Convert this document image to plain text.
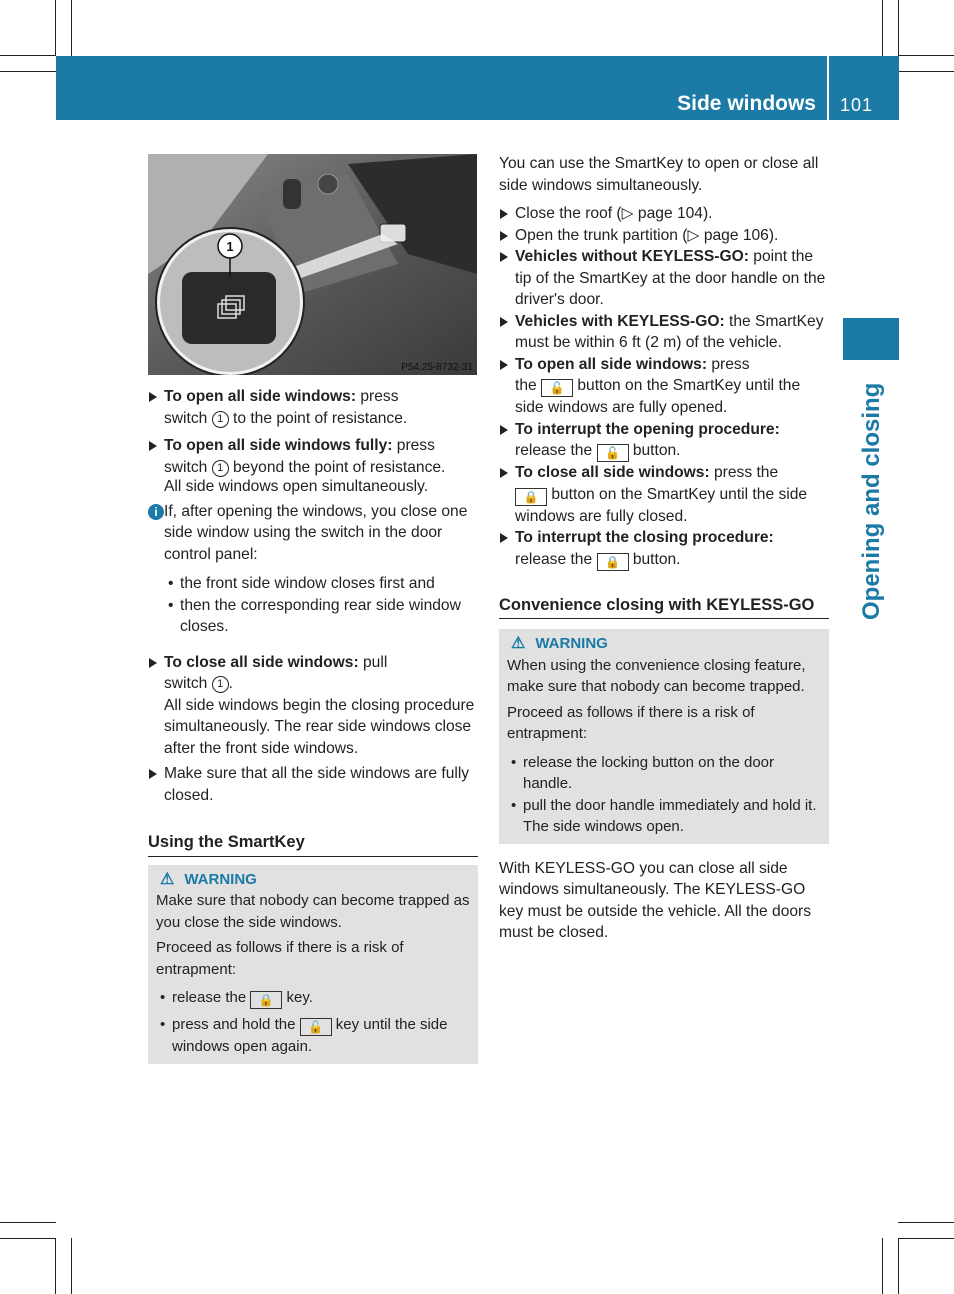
Side windows 101
Opening and closing
1
P54.25-8732-31

To open all side windows: press
switch 1 to the point of resistance.

To open all side windows fully: press
switch 1 beyond the point of resistance.

All side windows open simultaneously.

i If, after opening the windows, you close one side window using the switch in the door control panel:

• the front side window closes first and

• then the corresponding rear side window closes.

To close all side windows: pull
switch 1 .

All side windows begin the closing procedure simultaneously. The rear side windows close after the front side windows.

Make sure that all the side windows are fully closed.

Using the SmartKey

⚠ WARNING

Make sure that nobody can become trapped as you close the side windows.

Proceed as follows if there is a risk of entrapment:

• release the 🔒 key.

• press and hold the 🔓 key until the side windows open again.

You can use the SmartKey to open or close all side windows simultaneously.

Close the roof (▷ page 104).

Open the trunk partition (▷ page 106).

Vehicles without KEYLESS-GO: point the tip of the SmartKey at the door handle on the driver's door.

Vehicles with KEYLESS-GO: the SmartKey must be within 6 ft (2 m) of the vehicle.

To open all side windows: press
the 🔓 button on the SmartKey until the side windows are fully opened.

To interrupt the opening procedure:
release the 🔓 button.

To close all side windows: press the
🔒 button on the SmartKey until the side windows are fully closed.

To interrupt the closing procedure:
release the 🔒 button.

Convenience closing with KEYLESS-GO

⚠ WARNING

When using the convenience closing feature, make sure that nobody can become trapped.

Proceed as follows if there is a risk of entrapment:

• release the locking button on the door handle.

• pull the door handle immediately and hold it.

The side windows open.

With KEYLESS-GO you can close all side windows simultaneously. The KEYLESS-GO key must be outside the vehicle. All the doors must be closed.
